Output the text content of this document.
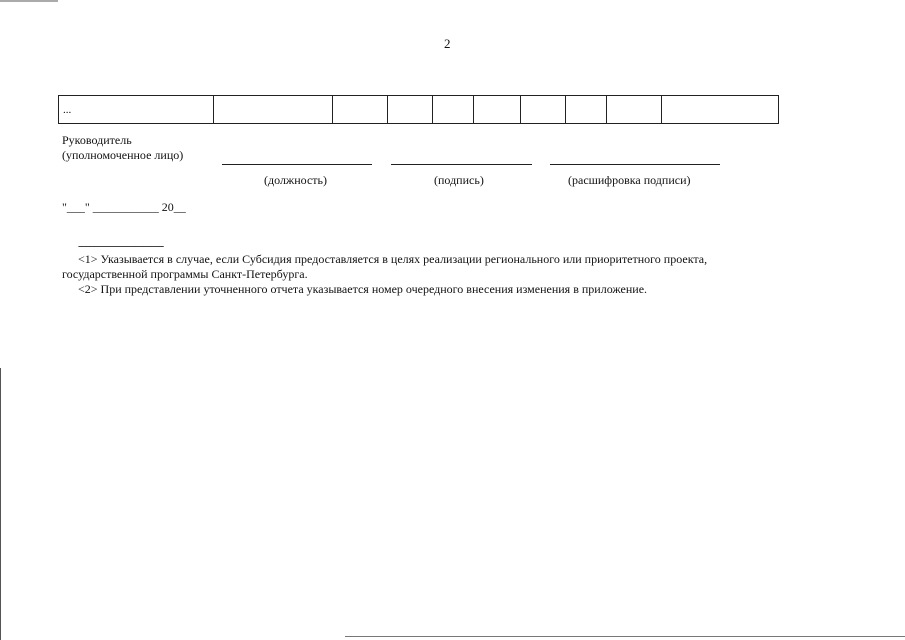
2
...									
Руководитель
(уполномоченное лицо)
(должность)	(подпись)	(расшифровка подписи)
"___" ___________ 20__
--------------------------------

<1> Указывается в случае, если Субсидия предоставляется в целях реализации регионального или приоритетного проекта, государственной программы Санкт-Петербурга.

<2> При представлении уточненного отчета указывается номер очередного внесения изменения в приложение.
